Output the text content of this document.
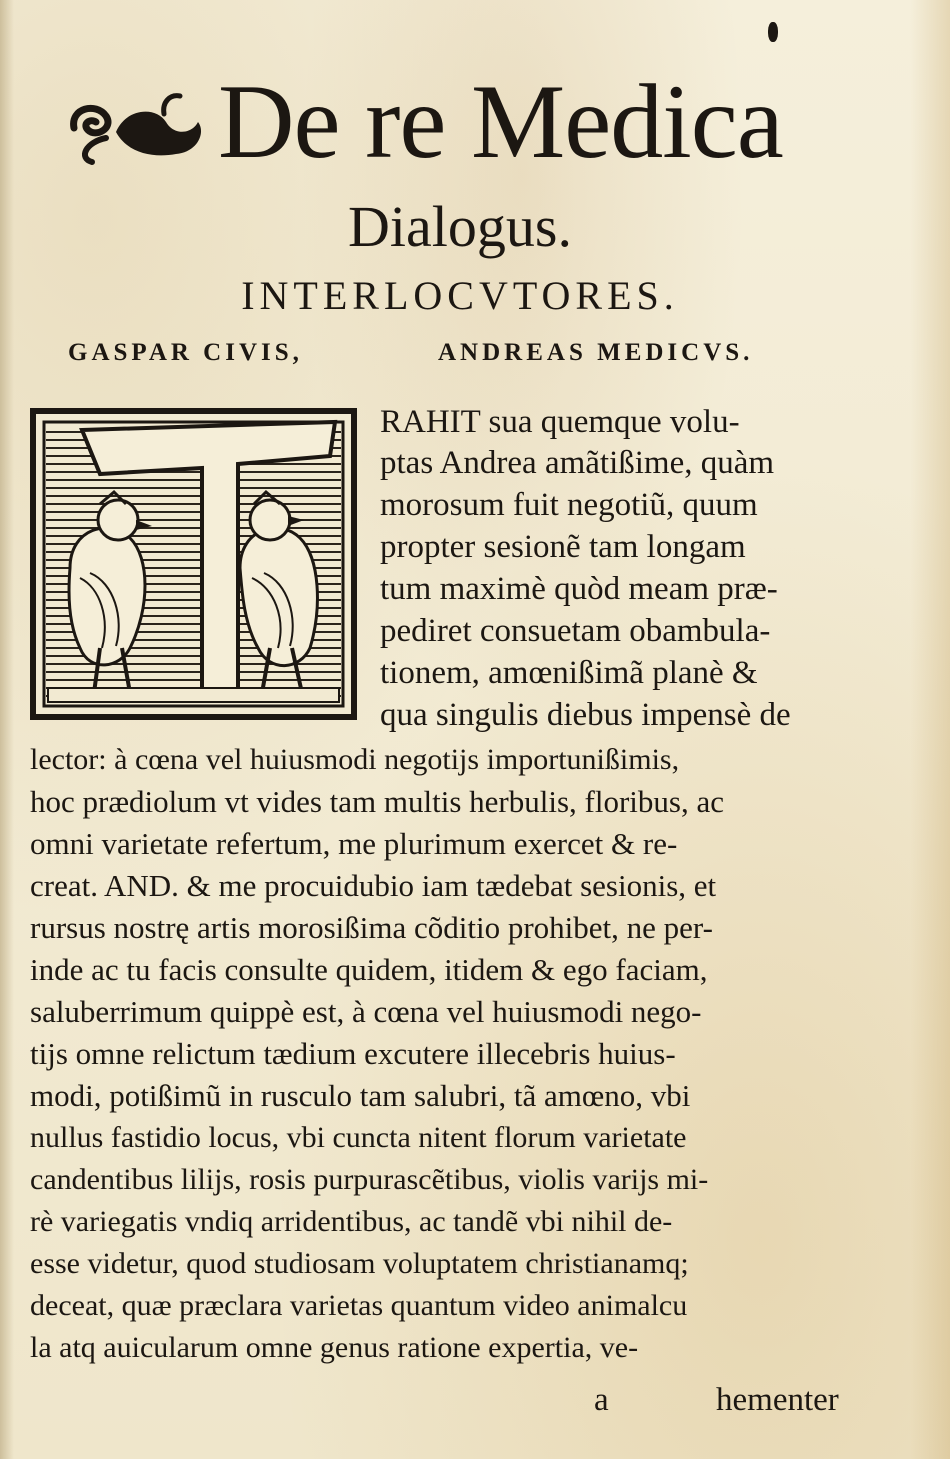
De re Medica
Dialogus.
INTERLOCVTORES.
GASPAR CIVIS,	ANDREAS MEDICVS.
RAHIT sua quemque volu-
ptas Andrea amãtißime, quàm
morosum fuit negotiũ, quum
propter sesionẽ tam longam
tum maximè quòd meam præ-
pediret consuetam obambula-
tionem, amœnißimã planè &
qua singulis diebus impensè de
lector: à cœna vel huiusmodi negotijs importunißimis,
hoc prædiolum vt vides tam multis herbulis, floribus, ac
omni varietate refertum, me plurimum exercet & re-
creat. AND. & me procuidubio iam tædebat sesionis, et
rursus nostrę artis morosißima cõditio prohibet, ne per-
inde ac tu facis consulte quidem, itidem & ego faciam,
saluberrimum quippè est, à cœna vel huiusmodi nego-
tijs omne relictum tædium excutere illecebris huius-
modi, potißimũ in rusculo tam salubri, tã amœno, vbi
nullus fastidio locus, vbi cuncta nitent florum varietate
candentibus lilijs, rosis purpurascẽtibus, violis varijs mi-
rè variegatis vndiq arridentibus, ac tandẽ vbi nihil de-
esse videtur, quod studiosam voluptatem christianamq;
deceat, quæ præclara varietas quantum video animalcu
la atq auicularum omne genus ratione expertia, ve-
a	hementer
